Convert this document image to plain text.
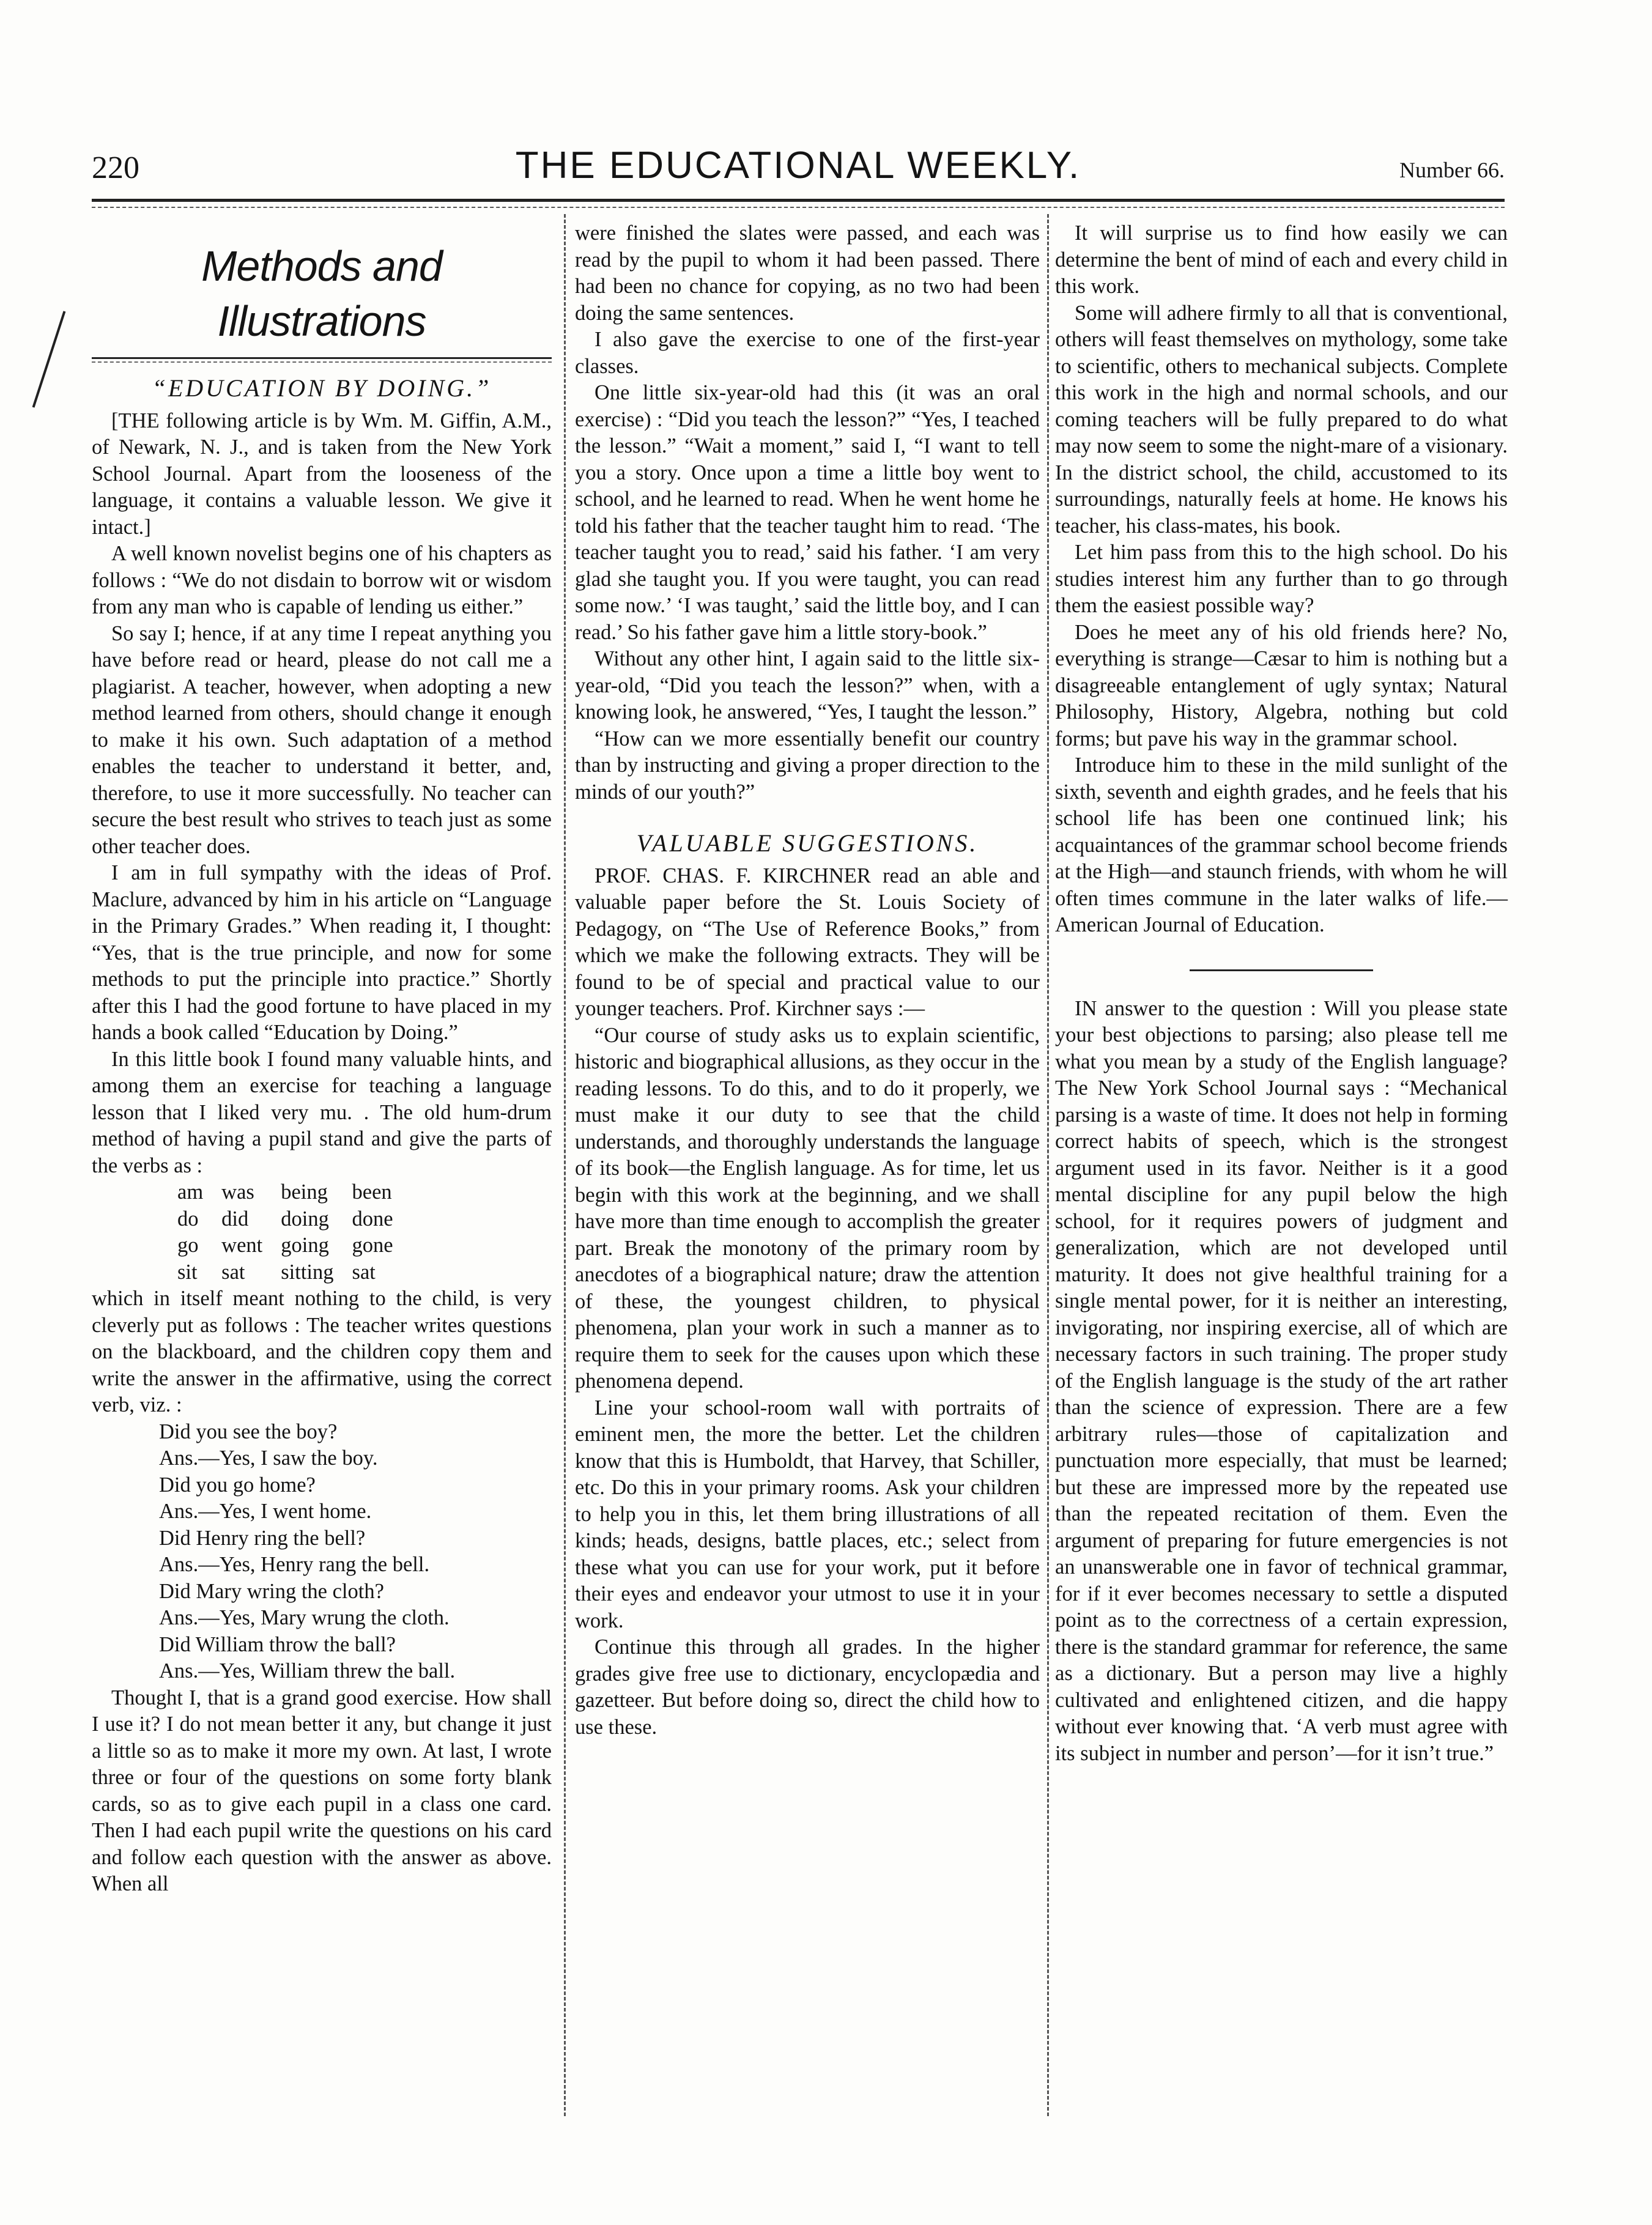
220	THE EDUCATIONAL WEEKLY.	Number 66.
Methods and Illustrations
“EDUCATION BY DOING.”

[THE following article is by Wm. M. Giffin, A.M., of Newark, N. J., and is taken from the New York School Journal. Apart from the looseness of the language, it contains a valuable lesson. We give it intact.]

A well known novelist begins one of his chapters as follows : “We do not disdain to borrow wit or wisdom from any man who is capable of lending us either.”

So say I; hence, if at any time I repeat anything you have before read or heard, please do not call me a plagiarist. A teacher, however, when adopting a new method learned from others, should change it enough to make it his own. Such adaptation of a method enables the teacher to understand it better, and, therefore, to use it more successfully. No teacher can secure the best result who strives to teach just as some other teacher does.

I am in full sympathy with the ideas of Prof. Maclure, advanced by him in his article on “Language in the Primary Grades.” When reading it, I thought: “Yes, that is the true principle, and now for some methods to put the principle into practice.” Shortly after this I had the good fortune to have placed in my hands a book called “Education by Doing.”

In this little book I found many valuable hints, and among them an exercise for teaching a language lesson that I liked very mu. . The old hum-drum method of having a pupil stand and give the parts of the verbs as :

am	was	being	been
do	did	doing	done
go	went	going	gone
sit	sat	sitting	sat

which in itself meant nothing to the child, is very cleverly put as follows : The teacher writes questions on the blackboard, and the children copy them and write the answer in the affirmative, using the correct verb, viz. :

Did you see the boy?
Ans.—Yes, I saw the boy.
Did you go home?
Ans.—Yes, I went home.
Did Henry ring the bell?
Ans.—Yes, Henry rang the bell.
Did Mary wring the cloth?
Ans.—Yes, Mary wrung the cloth.
Did William throw the ball?
Ans.—Yes, William threw the ball.

Thought I, that is a grand good exercise. How shall I use it? I do not mean better it any, but change it just a little so as to make it more my own. At last, I wrote three or four of the questions on some forty blank cards, so as to give each pupil in a class one card. Then I had each pupil write the questions on his card and follow each question with the answer as above. When all

were finished the slates were passed, and each was read by the pupil to whom it had been passed. There had been no chance for copying, as no two had been doing the same sentences.

I also gave the exercise to one of the first-year classes.

One little six-year-old had this (it was an oral exercise) : “Did you teach the lesson?” “Yes, I teached the lesson.” “Wait a moment,” said I, “I want to tell you a story. Once upon a time a little boy went to school, and he learned to read. When he went home he told his father that the teacher taught him to read. ‘The teacher taught you to read,’ said his father. ‘I am very glad she taught you. If you were taught, you can read some now.’ ‘I was taught,’ said the little boy, and I can read.’ So his father gave him a little story-book.”

Without any other hint, I again said to the little six-year-old, “Did you teach the lesson?” when, with a knowing look, he answered, “Yes, I taught the lesson.”

“How can we more essentially benefit our country than by instructing and giving a proper direction to the minds of our youth?”

VALUABLE SUGGESTIONS.

PROF. CHAS. F. KIRCHNER read an able and valuable paper before the St. Louis Society of Pedagogy, on “The Use of Reference Books,” from which we make the following extracts. They will be found to be of special and practical value to our younger teachers. Prof. Kirchner says :—

“Our course of study asks us to explain scientific, historic and biographical allusions, as they occur in the reading lessons. To do this, and to do it properly, we must make it our duty to see that the child understands, and thoroughly understands the language of its book—the English language. As for time, let us begin with this work at the beginning, and we shall have more than time enough to accomplish the greater part. Break the monotony of the primary room by anecdotes of a biographical nature; draw the attention of these, the youngest children, to physical phenomena, plan your work in such a manner as to require them to seek for the causes upon which these phenomena depend.

Line your school-room wall with portraits of eminent men, the more the better. Let the children know that this is Humboldt, that Harvey, that Schiller, etc. Do this in your primary rooms. Ask your children to help you in this, let them bring illustrations of all kinds; heads, designs, battle places, etc.; select from these what you can use for your work, put it before their eyes and endeavor your utmost to use it in your work.

Continue this through all grades. In the higher grades give free use to dictionary, encyclopædia and gazetteer. But before doing so, direct the child how to use these.

It will surprise us to find how easily we can determine the bent of mind of each and every child in this work.

Some will adhere firmly to all that is conventional, others will feast themselves on mythology, some take to scientific, others to mechanical subjects. Complete this work in the high and normal schools, and our coming teachers will be fully prepared to do what may now seem to some the night-mare of a visionary. In the district school, the child, accustomed to its surroundings, naturally feels at home. He knows his teacher, his class-mates, his book.

Let him pass from this to the high school. Do his studies interest him any further than to go through them the easiest possible way?

Does he meet any of his old friends here? No, everything is strange—Cæsar to him is nothing but a disagreeable entanglement of ugly syntax; Natural Philosophy, History, Algebra, nothing but cold forms; but pave his way in the grammar school.

Introduce him to these in the mild sunlight of the sixth, seventh and eighth grades, and he feels that his school life has been one continued link; his acquaintances of the grammar school become friends at the High—and staunch friends, with whom he will often times commune in the later walks of life.—American Journal of Education.

IN answer to the question : Will you please state your best objections to parsing; also please tell me what you mean by a study of the English language? The New York School Journal says : “Mechanical parsing is a waste of time. It does not help in forming correct habits of speech, which is the strongest argument used in its favor. Neither is it a good mental discipline for any pupil below the high school, for it requires powers of judgment and generalization, which are not developed until maturity. It does not give healthful training for a single mental power, for it is neither an interesting, invigorating, nor inspiring exercise, all of which are necessary factors in such training. The proper study of the English language is the study of the art rather than the science of expression. There are a few arbitrary rules—those of capitalization and punctuation more especially, that must be learned; but these are impressed more by the repeated use than the repeated recitation of them. Even the argument of preparing for future emergencies is not an unanswerable one in favor of technical grammar, for if it ever becomes necessary to settle a disputed point as to the correctness of a certain expression, there is the standard grammar for reference, the same as a dictionary. But a person may live a highly cultivated and enlightened citizen, and die happy without ever knowing that. ‘A verb must agree with its subject in number and person’—for it isn’t true.”
